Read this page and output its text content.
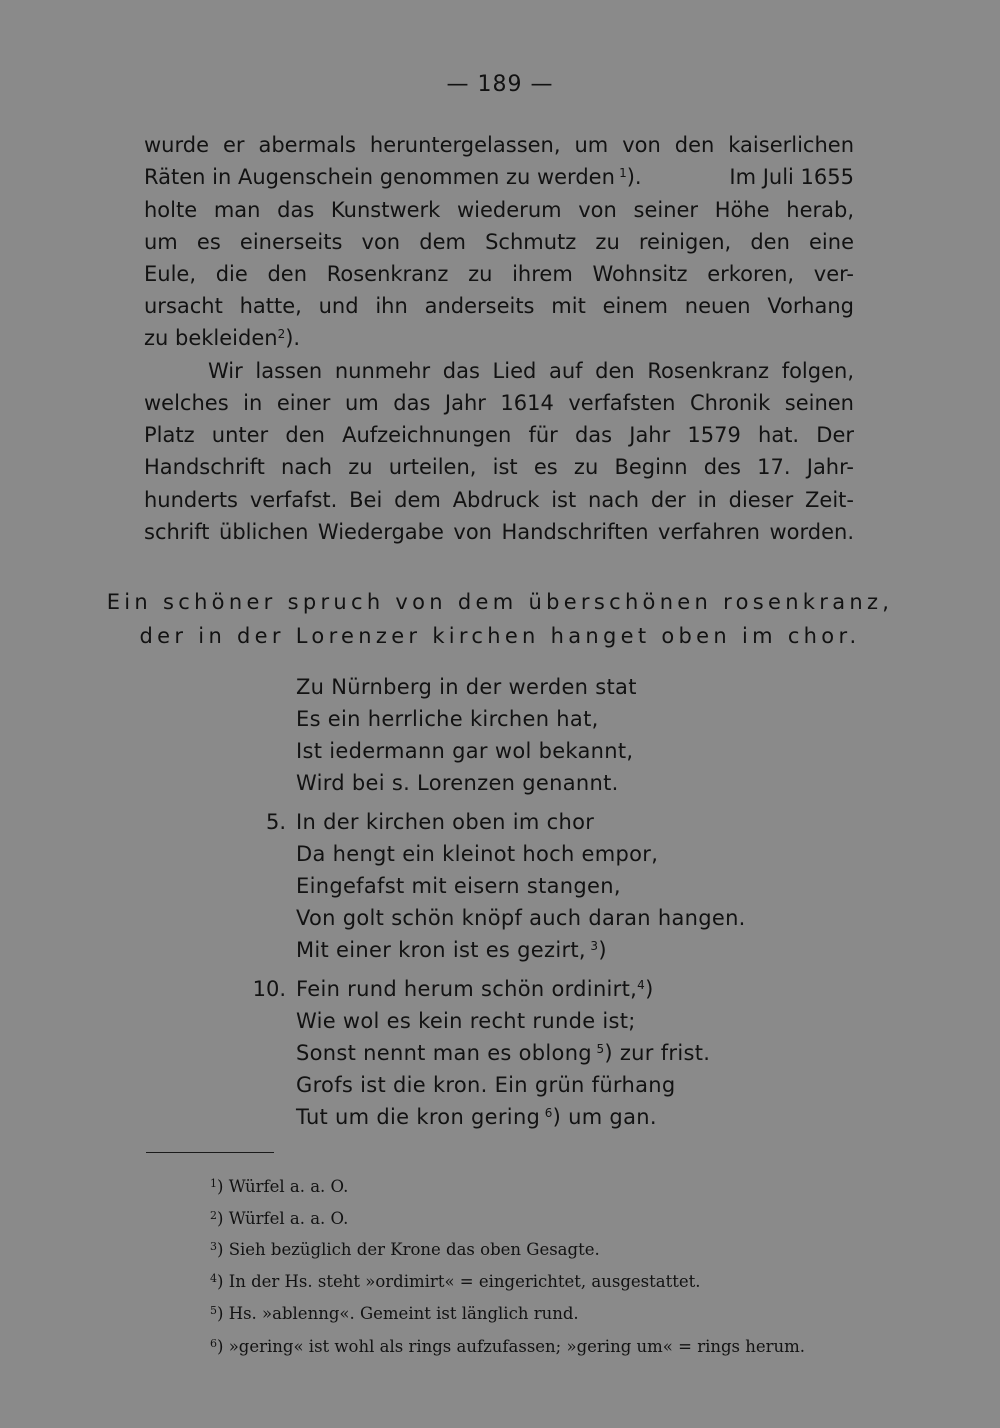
— 189 —
wurde er abermals heruntergelassen, um von den kaiserlichen
Räten in Augenschein genommen zu werden  $^1$).	Im Juli 1655
holte man das Kunstwerk wiederum von seiner Höhe herab,
um es einerseits von dem Schmutz zu reinigen, den eine
Eule, die den Rosenkranz zu ihrem Wohnsitz erkoren, ver-
ursacht hatte, und ihn anderseits mit einem neuen Vorhang
zu bekleiden$^2$).
Wir lassen nunmehr das Lied auf den Rosenkranz folgen,
welches in einer um das Jahr 1614 verfafsten Chronik seinen
Platz unter den Aufzeichnungen für das Jahr 1579 hat. Der
Handschrift nach zu urteilen, ist es zu Beginn des 17. Jahr-
hunderts verfafst. Bei dem Abdruck ist nach der in dieser Zeit-
schrift üblichen Wiedergabe von Handschriften verfahren worden.
Ein schöner spruch von dem überschönen rosenkranz,
der in der Lorenzer kirchen hanget oben im chor.
Zu Nürnberg in der werden stat
Es ein herrliche kirchen hat,
Ist iedermann gar wol bekannt,
Wird bei s. Lorenzen genannt.
5. In der kirchen oben im chor
Da hengt ein kleinot hoch empor,
Eingefafst mit eisern stangen,
Von golt schön knöpf auch daran hangen.
Mit einer kron ist es gezirt,  $^3$)
10. Fein rund herum schön ordinirt,$^4$)
Wie wol es kein recht runde ist;
Sonst nennt man es oblong  $^5$) zur frist.
Grofs ist die kron. Ein grün fürhang
Tut um die kron gering  $^6$) um gan.
$^1$) Würfel a. a. O.
$^2$) Würfel a. a. O.
$^3$) Sieh bezüglich der Krone das oben Gesagte.
$^4$) In der Hs. steht »ordimirt« = eingerichtet, ausgestattet.
$^5$) Hs. »ablenng«. Gemeint ist länglich rund.
$^6$) »gering« ist wohl als rings aufzufassen; »gering um« = rings herum.
